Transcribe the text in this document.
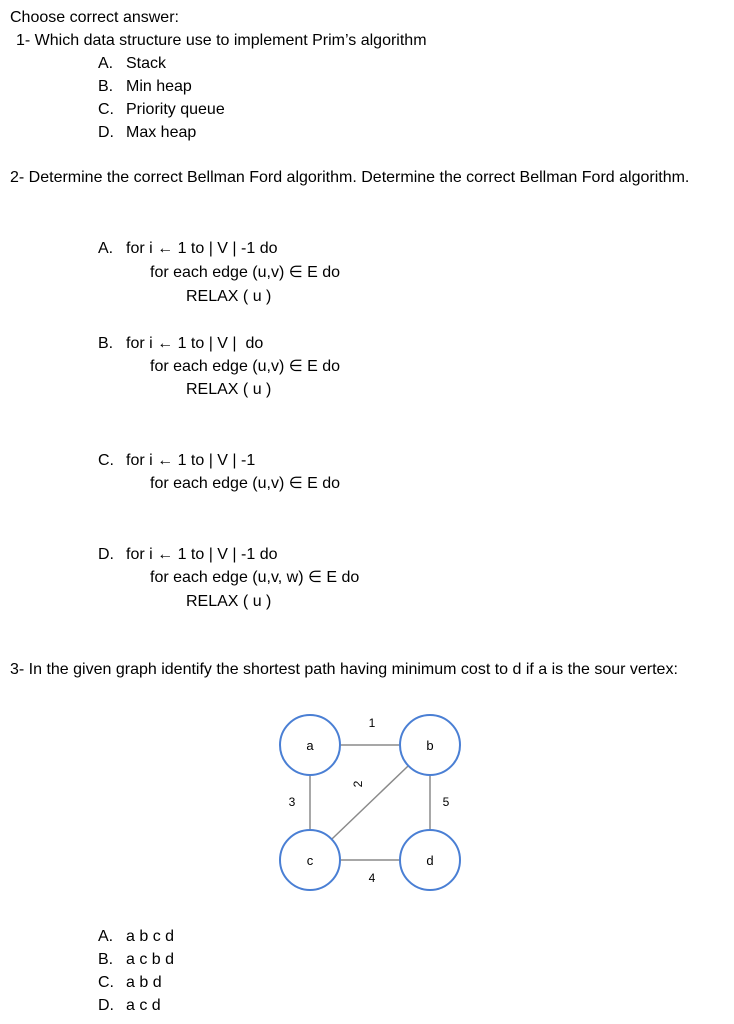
Choose correct answer:
1- Which data structure use to implement Prim’s algorithm
A. Stack
B. Min heap
C. Priority queue
D. Max heap
2- Determine the correct Bellman Ford algorithm. Determine the correct Bellman Ford algorithm.
A. for i ← 1 to | V | -1 do
for each edge (u,v) ∈ E do
RELAX ( u )
B. for i ← 1 to | V |  do
for each edge (u,v) ∈ E do
RELAX ( u )
C. for i ← 1 to | V | -1
for each edge (u,v) ∈ E do
D. for i ← 1 to | V | -1 do
for each edge (u,v, w) ∈ E do
RELAX ( u )
3- In the given graph identify the shortest path having minimum cost to d if a is the sour vertex:
1
2
3	5
4
a	b
c	d
A. a b c d
B. a c b d
C. a b d
D. a c d
